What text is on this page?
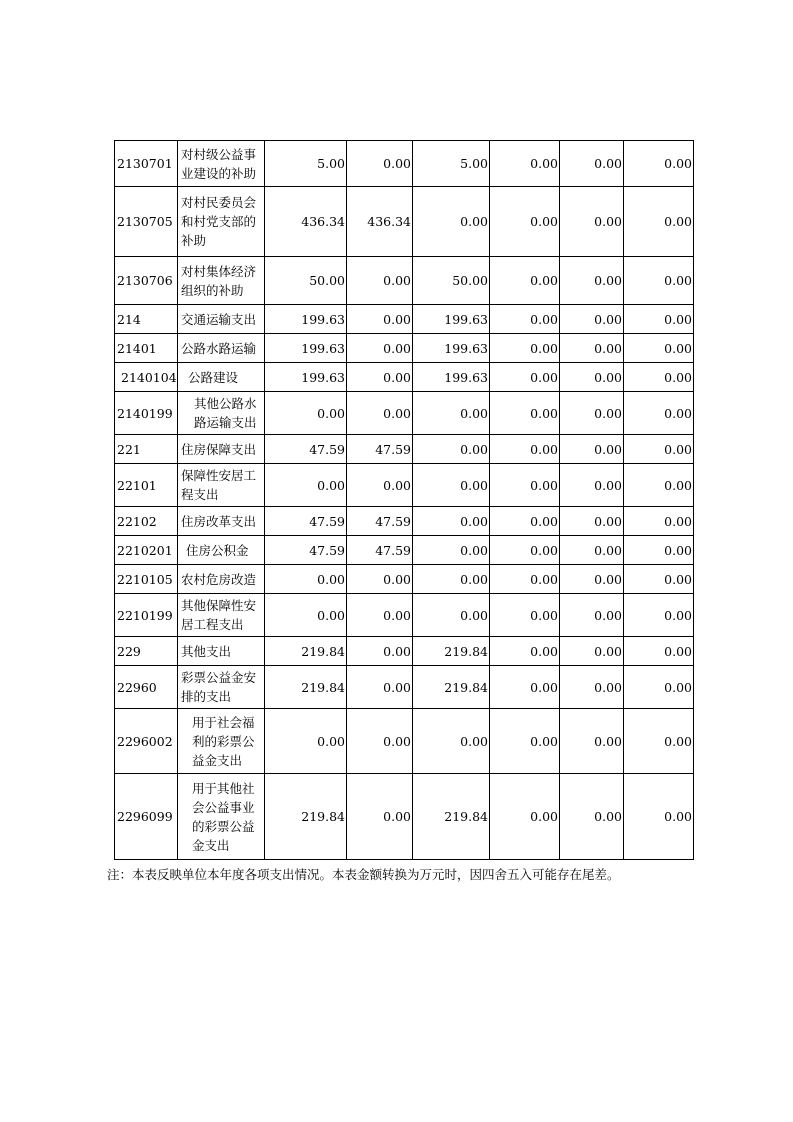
2130701	对村级公益事业建设的补助	5.00	0.00	5.00	0.00	0.00	0.00
2130705	对村民委员会和村党支部的补助	436.34	436.34	0.00	0.00	0.00	0.00
2130706	对村集体经济组织的补助	50.00	0.00	50.00	0.00	0.00	0.00
214	交通运输支出	199.63	0.00	199.63	0.00	0.00	0.00
21401	公路水路运输	199.63	0.00	199.63	0.00	0.00	0.00
2140104	公路建设	199.63	0.00	199.63	0.00	0.00	0.00
2140199	其他公路水路运输支出	0.00	0.00	0.00	0.00	0.00	0.00
221	住房保障支出	47.59	47.59	0.00	0.00	0.00	0.00
22101	保障性安居工程支出	0.00	0.00	0.00	0.00	0.00	0.00
22102	住房改革支出	47.59	47.59	0.00	0.00	0.00	0.00
2210201	住房公积金	47.59	47.59	0.00	0.00	0.00	0.00
2210105	农村危房改造	0.00	0.00	0.00	0.00	0.00	0.00
2210199	其他保障性安居工程支出	0.00	0.00	0.00	0.00	0.00	0.00
229	其他支出	219.84	0.00	219.84	0.00	0.00	0.00
22960	彩票公益金安排的支出	219.84	0.00	219.84	0.00	0.00	0.00
2296002	用于社会福利的彩票公益金支出	0.00	0.00	0.00	0.00	0.00	0.00
2296099	用于其他社会公益事业的彩票公益金支出	219.84	0.00	219.84	0.00	0.00	0.00
注：本表反映单位本年度各项支出情况。本表金额转换为万元时，因四舍五入可能存在尾差。
